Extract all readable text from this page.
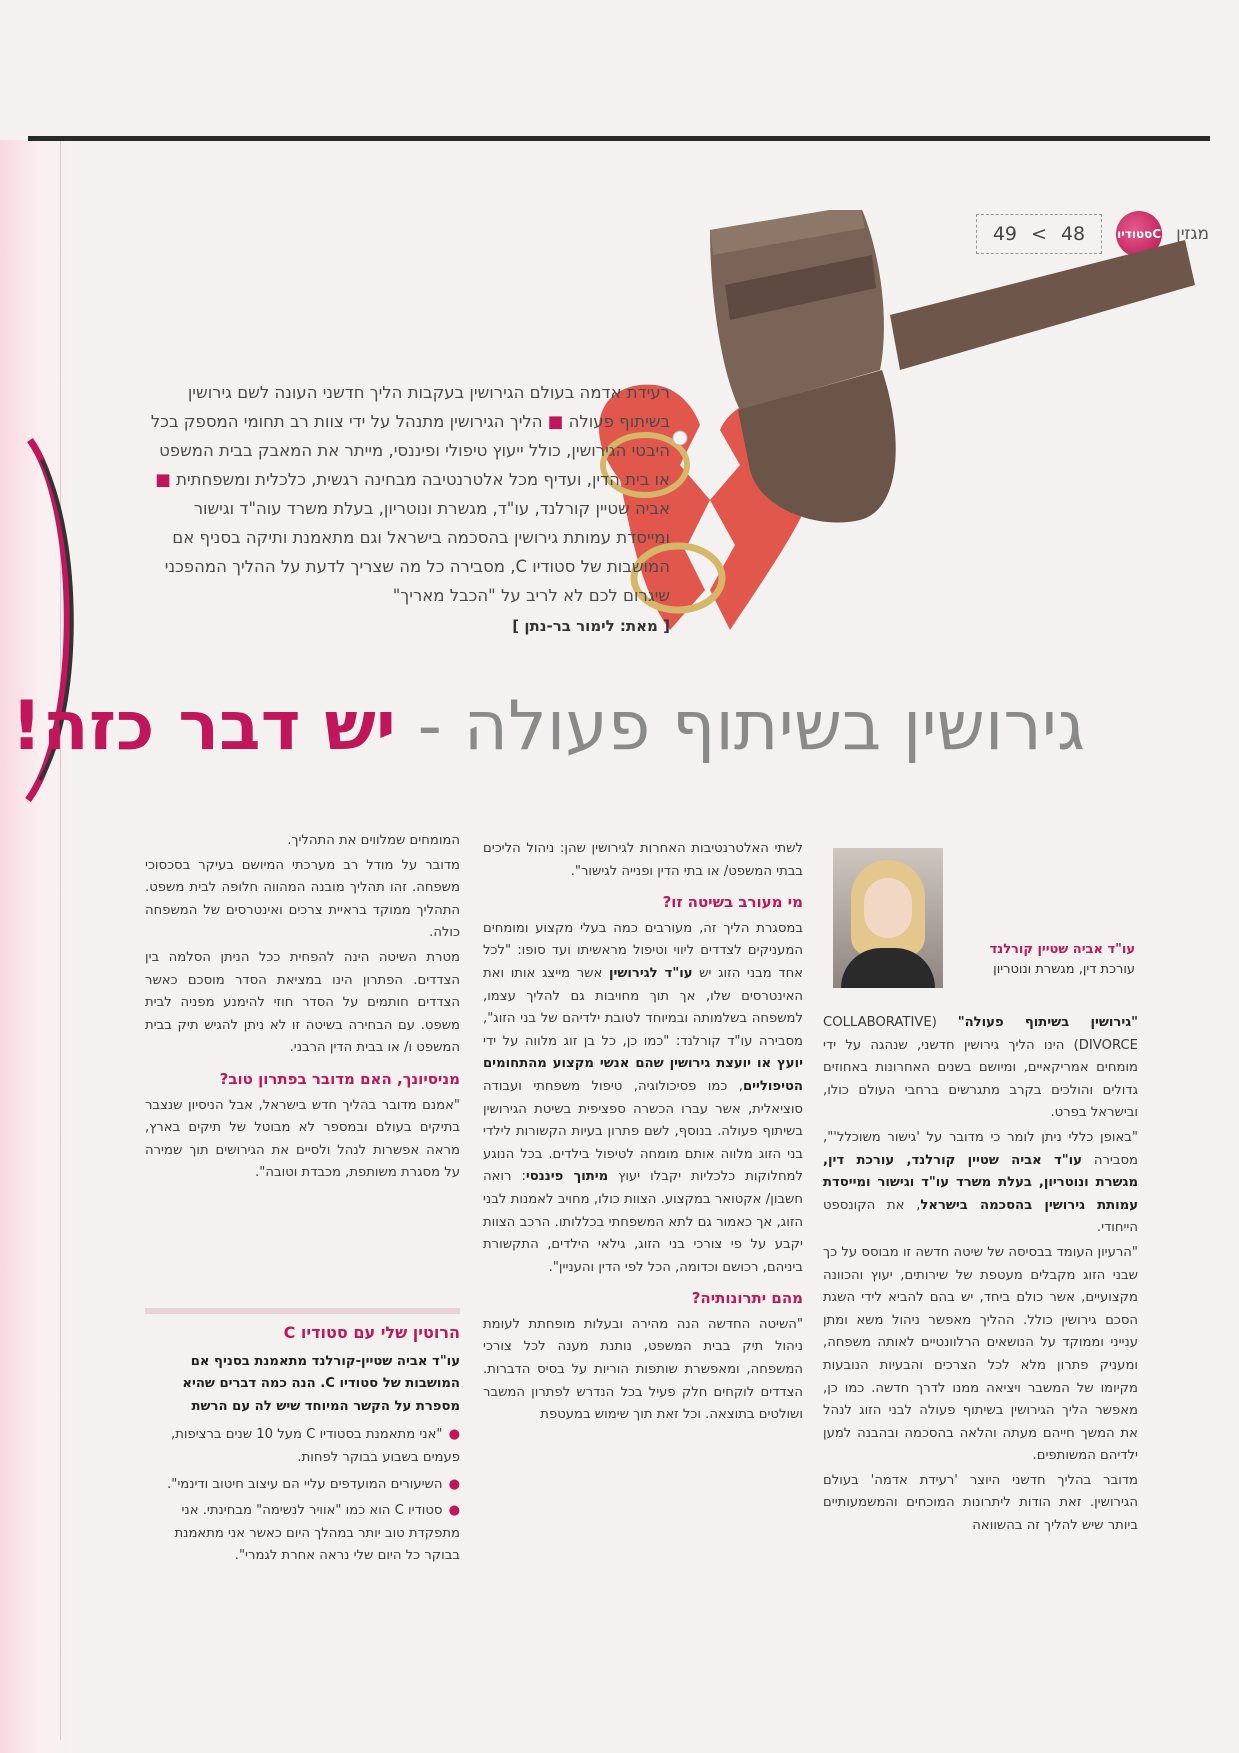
מגזין
Cסטודיו
49 < 48
רעידת אדמה בעולם הגירושין בעקבות הליך חדשני העונה לשם גירושין בשיתוף פעולה ■ הליך הגירושין מתנהל על ידי צוות רב תחומי המספק בכל היבטי הגירושין, כולל ייעוץ טיפולי ופיננסי, מייתר את המאבק בבית המשפט או בית הדין, ועדיף מכל אלטרנטיבה מבחינה רגשית, כלכלית ומשפחתית ■ אביה שטיין קורלנד, עו"ד, מגשרת ונוטריון, בעלת משרד עוה"ד וגישור ומייסדת עמותת גירושין בהסכמה בישראל וגם מתאמנת ותיקה בסניף אם המושבות של סטודיו C, מסבירה כל מה שצריך לדעת על ההליך המהפכני שיגרום לכם לא לריב על "הכבל מאריך"
[ מאת: לימור בר-נתן ]
גירושין בשיתוף פעולה - יש דבר כזה!
עו"ד אביה שטיין קורלנד
עורכת דין, מגשרת ונוטריון

"גירושין בשיתוף פעולה" (COLLABORATIVE DIVORCE) הינו הליך גירושין חדשני, שנהגה על ידי מומחים אמריקאיים, ומיושם בשנים האחרונות באחוזים גדולים והולכים בקרב מתגרשים ברחבי העולם כולו, ובישראל בפרט.

"באופן כללי ניתן לומר כי מדובר על 'גישור משוכלל'", מסבירה עו"ד אביה שטיין קורלנד, עורכת דין, מגשרת ונוטריון, בעלת משרד עו"ד וגישור ומייסדת עמותת גירושין בהסכמה בישראל, את הקונספט הייחודי.

"הרעיון העומד בבסיסה של שיטה חדשה זו מבוסס על כך שבני הזוג מקבלים מעטפת של שירותים, יעוץ והכוונה מקצועיים, אשר כולם ביחד, יש בהם להביא לידי השגת הסכם גירושין כולל. ההליך מאפשר ניהול משא ומתן ענייני וממוקד על הנושאים הרלוונטיים לאותה משפחה, ומעניק פתרון מלא לכל הצרכים והבעיות הנובעות מקיומו של המשבר ויציאה ממנו לדרך חדשה. כמו כן, מאפשר הליך הגירושין בשיתוף פעולה לבני הזוג לנהל את המשך חייהם מעתה והלאה בהסכמה ובהבנה למען ילדיהם המשותפים.

מדובר בהליך חדשני היוצר 'רעידת אדמה' בעולם הגירושין. זאת הודות ליתרונות המוכחים והמשמעותיים ביותר שיש להליך זה בהשוואה

לשתי האלטרנטיבות האחרות לגירושין שהן: ניהול הליכים בבתי המשפט/ או בתי הדין ופנייה לגישור".

מי מעורב בשיטה זו?

במסגרת הליך זה, מעורבים כמה בעלי מקצוע ומומחים המעניקים לצדדים ליווי וטיפול מראשיתו ועד סופו: "לכל אחד מבני הזוג יש עו"ד לגירושין אשר מייצג אותו ואת האינטרסים שלו, אך תוך מחויבות גם להליך עצמו, למשפחה בשלמותה ובמיוחד לטובת ילדיהם של בני הזוג", מסבירה עו"ד קורלנד: "כמו כן, כל בן זוג מלווה על ידי יועץ או יועצת גירושין שהם אנשי מקצוע מהתחומים הטיפוליים, כמו פסיכולוגיה, טיפול משפחתי ועבודה סוציאלית, אשר עברו הכשרה ספציפית בשיטת הגירושין בשיתוף פעולה. בנוסף, לשם פתרון בעיות הקשורות לילדי בני הזוג מלווה אותם מומחה לטיפול בילדים. בכל הנוגע למחלוקות כלכליות יקבלו יעוץ מיתוך פיננסי: רואה חשבון/ אקטואר במקצוע. הצוות כולו, מחויב לאמנות לבני הזוג, אך כאמור גם לתא המשפחתי בכללותו. הרכב הצוות יקבע על פי צורכי בני הזוג, גילאי הילדים, התקשורת ביניהם, רכושם וכדומה, הכל לפי הדין והעניין".

מהם יתרונותיה?

"השיטה החדשה הנה מהירה ובעלות מופחתת לעומת ניהול תיק בבית המשפט, נותנת מענה לכל צורכי המשפחה, ומאפשרת שותפות הוריות על בסיס הדברות. הצדדים לוקחים חלק פעיל בכל הנדרש לפתרון המשבר ושולטים בתוצאה. וכל זאת תוך שימוש במעטפת

המומחים שמלווים את התהליך.

מדובר על מודל רב מערכתי המיושם בעיקר בסכסוכי משפחה. זהו תהליך מובנה המהווה חלופה לבית משפט. התהליך ממוקד בראיית צרכים ואינטרסים של המשפחה כולה.

מטרת השיטה הינה להפחית ככל הניתן הסלמה בין הצדדים. הפתרון הינו במציאת הסדר מוסכם כאשר הצדדים חותמים על הסדר חוזי להימנע מפניה לבית משפט. עם הבחירה בשיטה זו לא ניתן להגיש תיק בבית המשפט ו/ או בבית הדין הרבני.

מניסיונך, האם מדובר בפתרון טוב?

"אמנם מדובר בהליך חדש בישראל, אבל הניסיון שנצבר בתיקים בעולם ובמספר לא מבוטל של תיקים בארץ, מראה אפשרות לנהל ולסיים את הגירושים תוך שמירה על מסגרת משותפת, מכבדת וטובה".

הרוטין שלי עם סטודיו C

עו"ד אביה שטיין-קורלנד מתאמנת בסניף אם המושבות של סטודיו C. הנה כמה דברים שהיא מספרת על הקשר המיוחד שיש לה עם הרשת

●"אני מתאמנת בסטודיו C מעל 10 שנים ברציפות, פעמים בשבוע בבוקר לפחות.
●השיעורים המועדפים עליי הם עיצוב חיטוב ודינמי".
●סטודיו C הוא כמו "אוויר לנשימה" מבחינתי. אני מתפקדת טוב יותר במהלך היום כאשר אני מתאמנת בבוקר כל היום שלי נראה אחרת לגמרי".
